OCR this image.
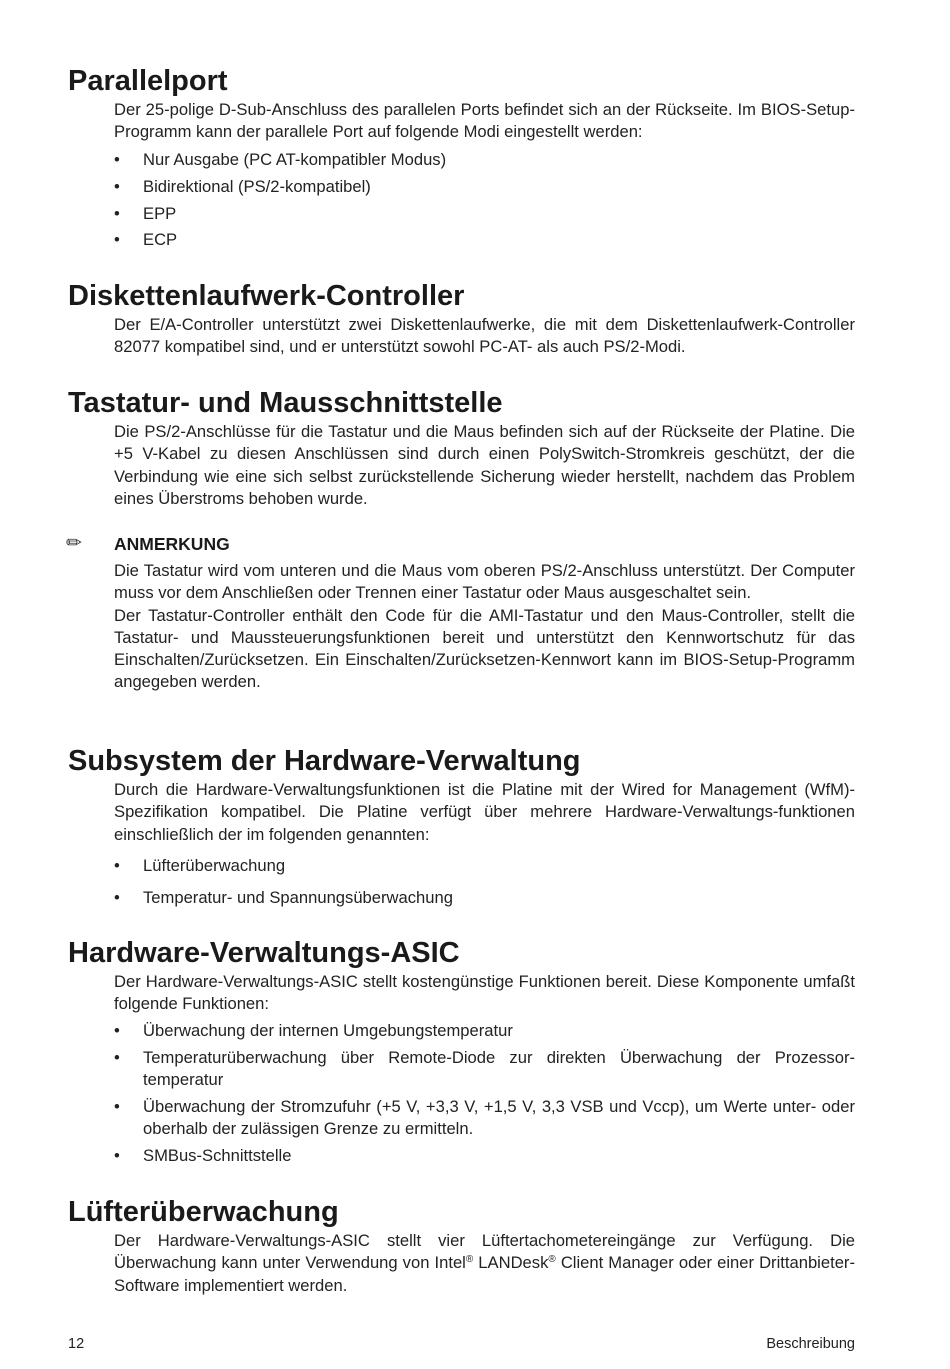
Parallelport

Der 25-polige D-Sub-Anschluss des parallelen Ports befindet sich an der Rückseite. Im BIOS-Setup-Programm kann der parallele Port auf folgende Modi eingestellt werden:

•	Nur Ausgabe (PC AT-kompatibler Modus)
•	Bidirektional (PS/2-kompatibel)
•	EPP
•	ECP
Diskettenlaufwerk-Controller

Der E/A-Controller unterstützt zwei Diskettenlaufwerke, die mit dem Diskettenlaufwerk-Controller 82077 kompatibel sind, und er unterstützt sowohl PC-AT- als auch PS/2-Modi.

Tastatur- und Mausschnittstelle

Die PS/2-Anschlüsse für die Tastatur und die Maus befinden sich auf der Rückseite der Platine. Die +5 V-Kabel zu diesen Anschlüssen sind durch einen PolySwitch-Stromkreis geschützt, der die Verbindung wie eine sich selbst zurückstellende Sicherung wieder herstellt, nachdem das Problem eines Überstroms behoben wurde.

✏ ANMERKUNG

Die Tastatur wird vom unteren und die Maus vom oberen PS/2-Anschluss unterstützt. Der Computer muss vor dem Anschließen oder Trennen einer Tastatur oder Maus ausgeschaltet sein.

Der Tastatur-Controller enthält den Code für die AMI-Tastatur und den Maus-Controller, stellt die Tastatur- und Maussteuerungsfunktionen bereit und unterstützt den Kennwortschutz für das Einschalten/Zurücksetzen. Ein Einschalten/Zurücksetzen-Kennwort kann im BIOS-Setup-Programm angegeben werden.

Subsystem der Hardware-Verwaltung

Durch die Hardware-Verwaltungsfunktionen ist die Platine mit der Wired for Management (WfM)-Spezifikation kompatibel. Die Platine verfügt über mehrere Hardware-Verwaltungs-funktionen einschließlich der im folgenden genannten:

•	Lüfterüberwachung
•	Temperatur- und Spannungsüberwachung
Hardware-Verwaltungs-ASIC

Der Hardware-Verwaltungs-ASIC stellt kostengünstige Funktionen bereit. Diese Komponente umfaßt folgende Funktionen:

•	Überwachung der internen Umgebungstemperatur
•	Temperaturüberwachung über Remote-Diode zur direkten Überwachung der Prozessor-temperatur
•	Überwachung der Stromzufuhr (+5 V, +3,3 V, +1,5 V, 3,3 VSB und Vccp), um Werte unter- oder oberhalb der zulässigen Grenze zu ermitteln.
•	SMBus-Schnittstelle
Lüfterüberwachung

Der Hardware-Verwaltungs-ASIC stellt vier Lüftertachometereingänge zur Verfügung. Die Überwachung kann unter Verwendung von Intel® LANDesk® Client Manager oder einer Drittanbieter-Software implementiert werden.

12	Beschreibung
